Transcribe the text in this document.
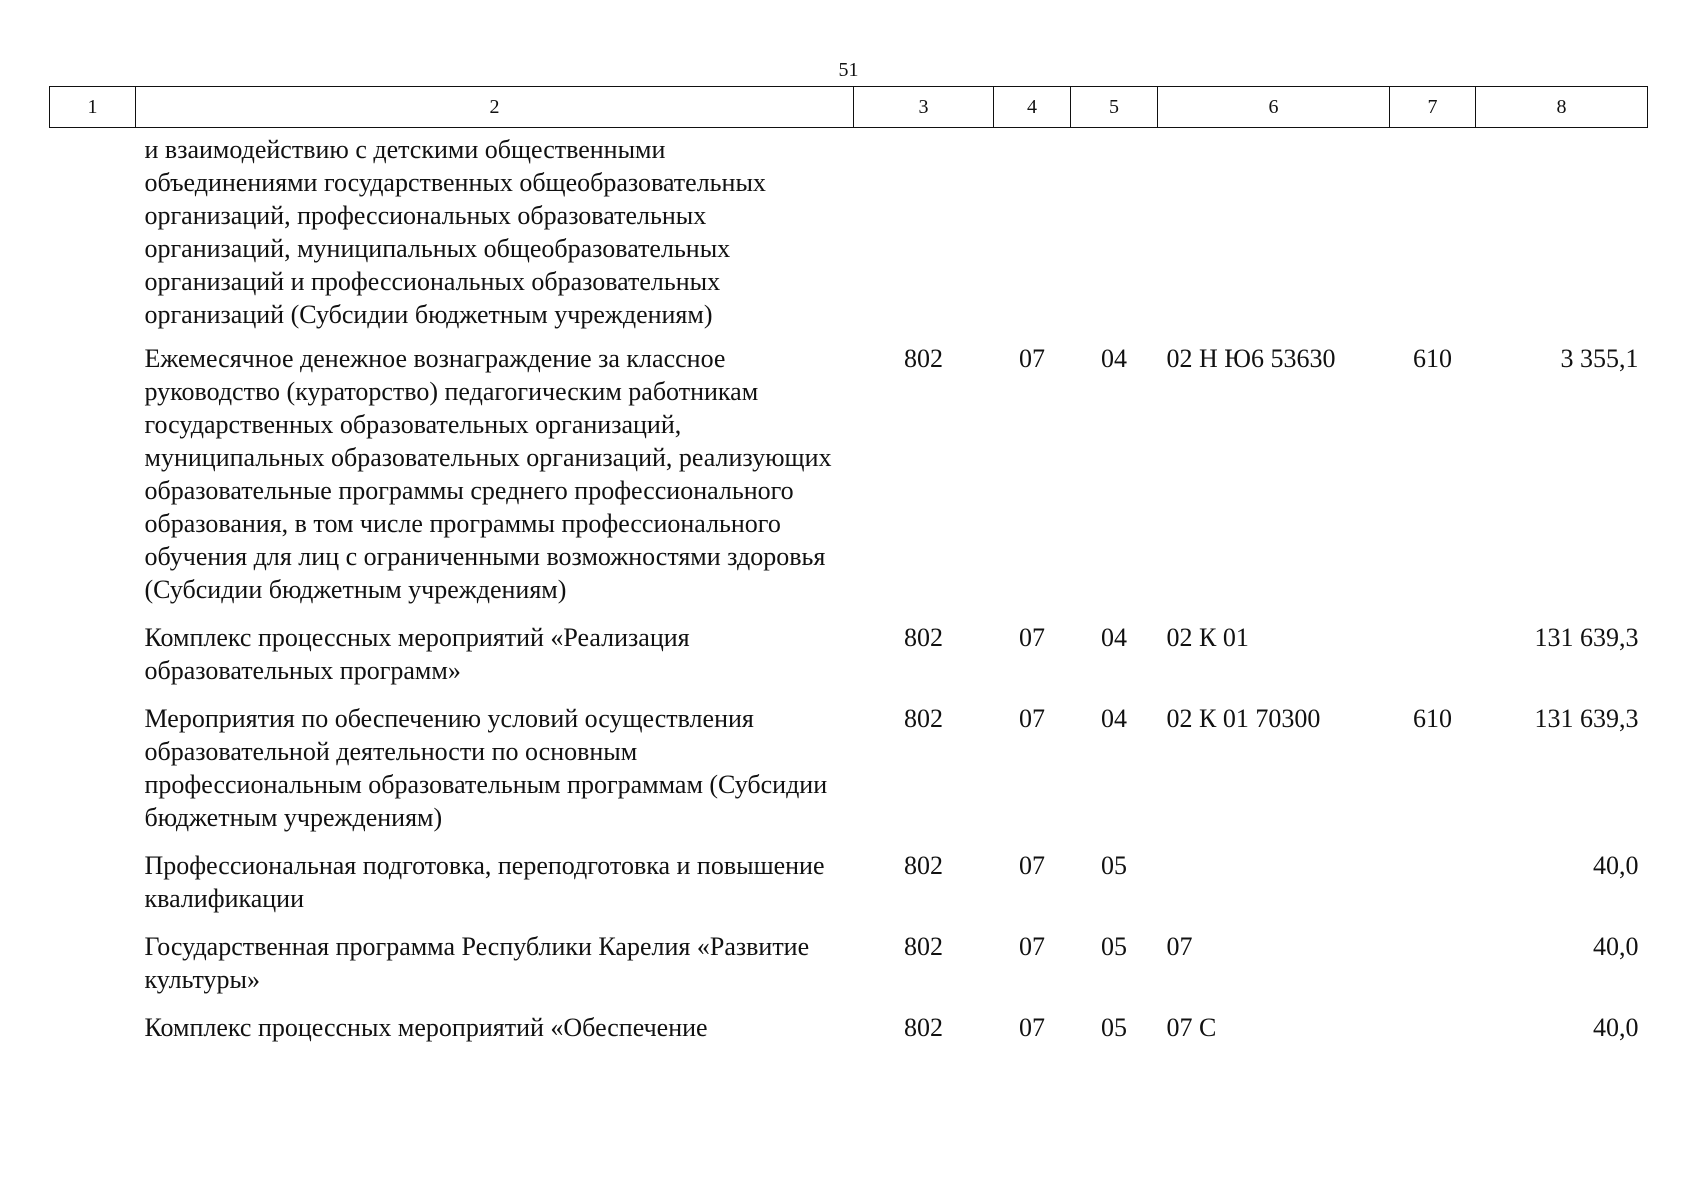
51
1	2	3	4	5	6	7	8
	и взаимодействию с детскими общественными объединениями государственных общеобразовательных организаций, профессиональных образовательных организаций, муниципальных общеобразовательных организаций и профессиональных образовательных организаций (Субсидии бюджетным учреждениям)						
	Ежемесячное денежное вознаграждение за классное руководство (кураторство) педагогическим работникам государственных образовательных организаций, муниципальных образовательных организаций, реализующих образовательные программы среднего профессионального образования, в том числе программы профессионального обучения для лиц с ограниченными возможностями здоровья (Субсидии бюджетным учреждениям)	802	07	04	02 Н Ю6 53630	610	3 355,1
	Комплекс процессных мероприятий «Реализация образовательных программ»	802	07	04	02 К 01		131 639,3
	Мероприятия по обеспечению условий осуществления образовательной деятельности по основным профессиональным образовательным программам (Субсидии бюджетным учреждениям)	802	07	04	02 К 01 70300	610	131 639,3
	Профессиональная подготовка, переподготовка и повышение квалификации	802	07	05			40,0
	Государственная программа Республики Карелия «Развитие культуры»	802	07	05	07		40,0
	Комплекс процессных мероприятий «Обеспечение	802	07	05	07 С		40,0
